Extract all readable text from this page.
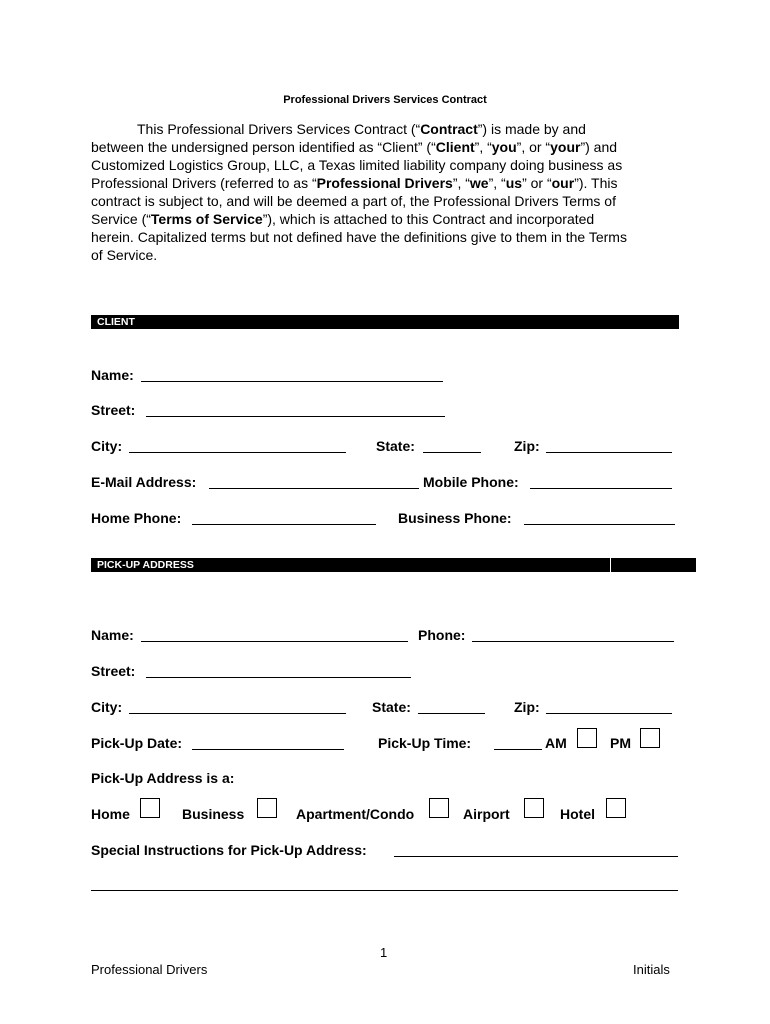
Professional Drivers Services Contract
This Professional Drivers Services Contract (“Contract”) is made by and
between the undersigned person identified as “Client” (“Client”, “you”, or “your”) and
Customized Logistics Group, LLC, a Texas limited liability company doing business as
Professional Drivers (referred to as “Professional Drivers”, “we”, “us” or “our”). This
contract is subject to, and will be deemed a part of, the Professional Drivers Terms of
Service (“Terms of Service”), which is attached to this Contract and incorporated
herein. Capitalized terms but not defined have the definitions give to them in the Terms
of Service.
CLIENT
Name:
Street:
City:	State:	Zip:
E-Mail Address:	Mobile Phone:
Home Phone:	Business Phone:
PICK-UP ADDRESS
Name:	Phone:
Street:
City:	State:	Zip:
Pick-Up Date:	Pick-Up Time:	AM	PM
Pick-Up Address is a:
Home	Business	Apartment/Condo	Airport	Hotel
Special Instructions for Pick-Up Address:
1
Professional Drivers	Initials
